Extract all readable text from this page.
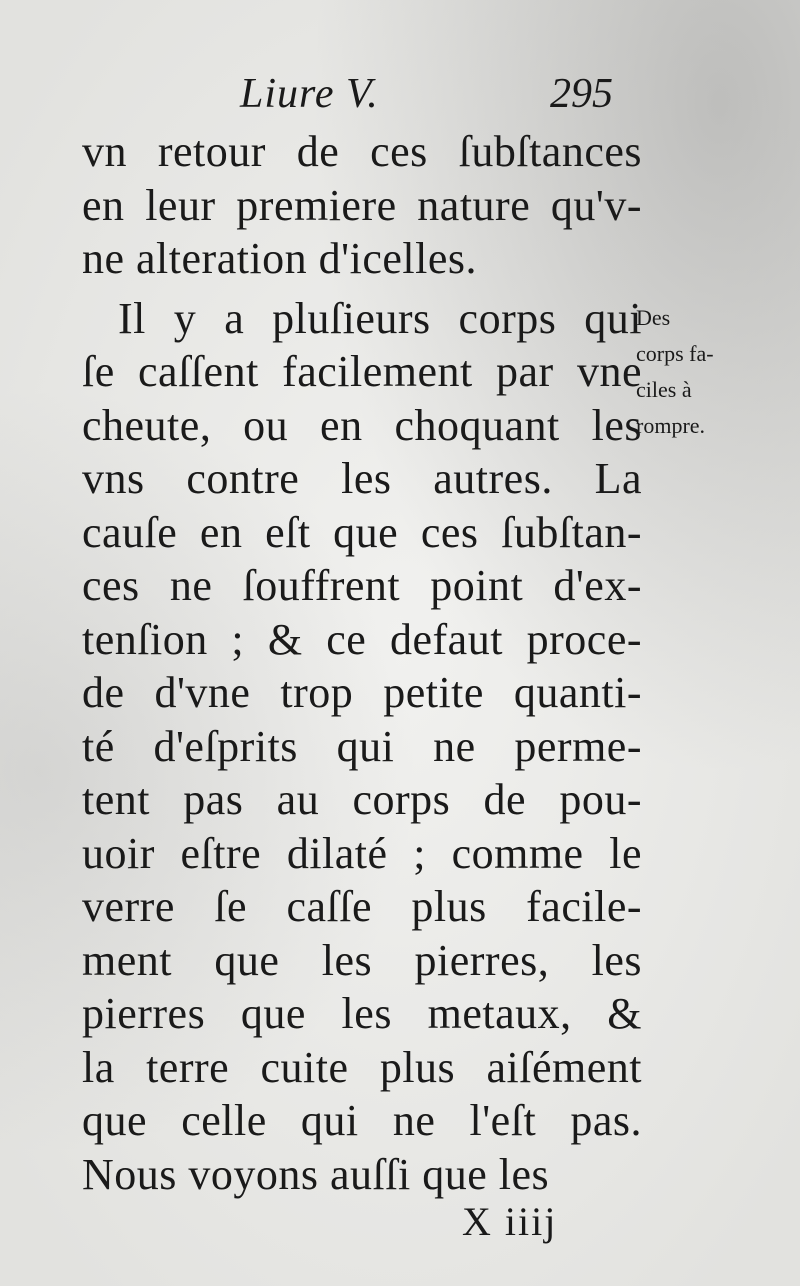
Liure V.	295
vn retour de ces ſubſtances
en leur premiere nature qu'v-
ne alteration d'icelles.
Il y a pluſieurs corps qui
ſe caſſent facilement par vne
cheute, ou en choquant les
vns contre les autres. La
cauſe en eſt que ces ſubſtan-
ces ne ſouffrent point d'ex-
tenſion ; & ce defaut proce-
de d'vne trop petite quanti-
té d'eſprits qui ne perme-
tent pas au corps de pou-
uoir eſtre dilaté ; comme le
verre ſe caſſe plus facile-
ment que les pierres, les
pierres que les metaux, &
la terre cuite plus aiſément
que celle qui ne l'eſt pas.
Nous voyons auſſi que les
Des
corps fa-
ciles à
rompre.
X iiij
